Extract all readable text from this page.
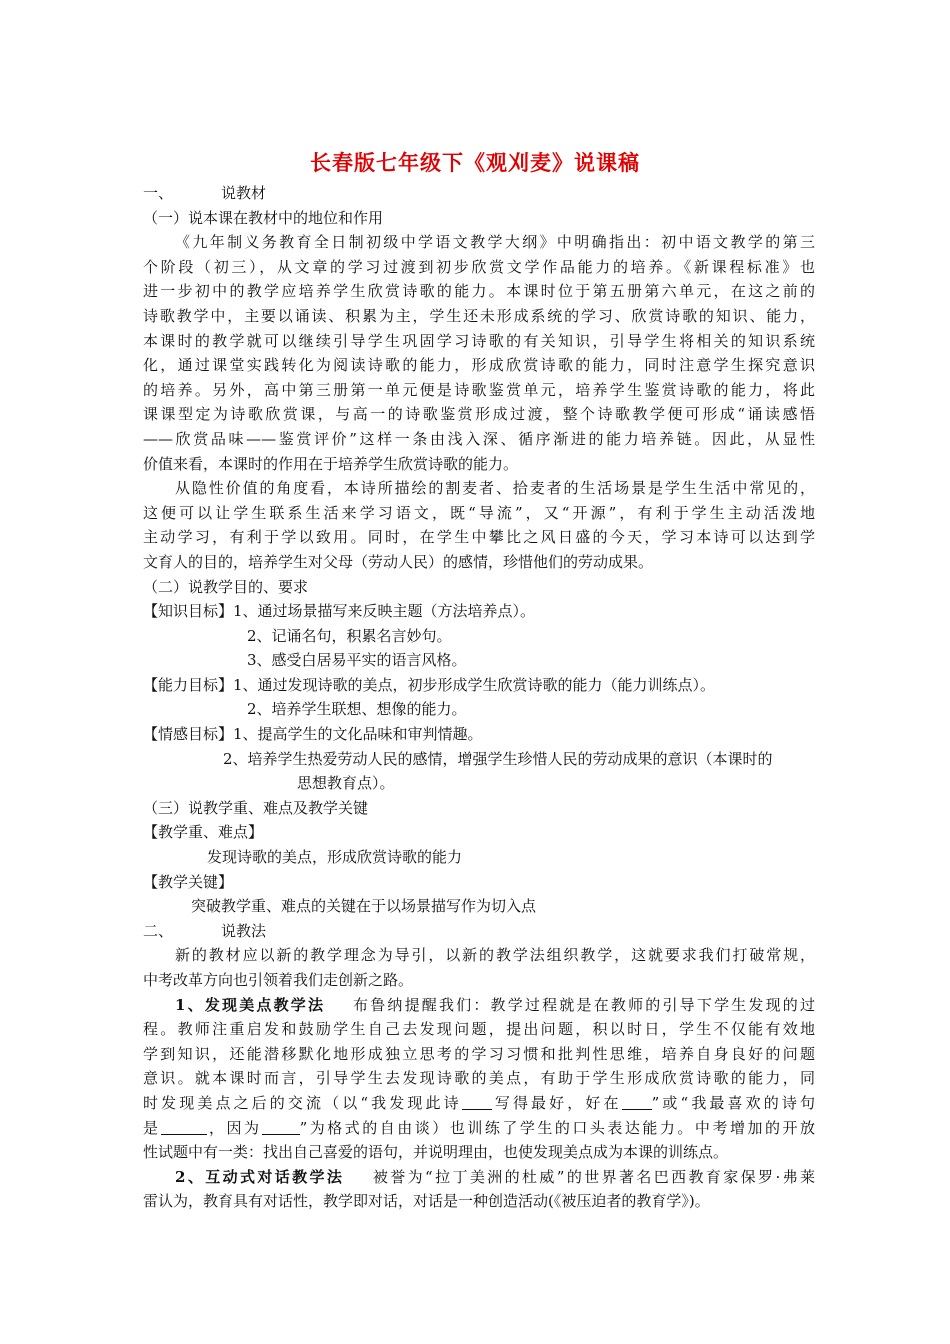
长春版七年级下《观刈麦》说课稿
一、	说教材
（一）说本课在教材中的地位和作用
《九年制义务教育全日制初级中学语文教学大纲》中明确指出：初中语文教学的第三
个阶段（初三），从文章的学习过渡到初步欣赏文学作品能力的培养。《新课程标准》也
进一步初中的教学应培养学生欣赏诗歌的能力。本课时位于第五册第六单元，在这之前的
诗歌教学中，主要以诵读、积累为主，学生还未形成系统的学习、欣赏诗歌的知识、能力，
本课时的教学就可以继续引导学生巩固学习诗歌的有关知识，引导学生将相关的知识系统
化，通过课堂实践转化为阅读诗歌的能力，形成欣赏诗歌的能力，同时注意学生探究意识
的培养。另外，高中第三册第一单元便是诗歌鉴赏单元，培养学生鉴赏诗歌的能力，将此
课课型定为诗歌欣赏课，与高一的诗歌鉴赏形成过渡，整个诗歌教学便可形成“诵读感悟
——欣赏品味——鉴赏评价”这样一条由浅入深、循序渐进的能力培养链。因此，从显性
价值来看，本课时的作用在于培养学生欣赏诗歌的能力。
从隐性价值的角度看，本诗所描绘的割麦者、拾麦者的生活场景是学生生活中常见的，
这便可以让学生联系生活来学习语文，既“导流”，又“开源”，有利于学生主动活泼地
主动学习，有利于学以致用。同时，在学生中攀比之风日盛的今天，学习本诗可以达到学
文育人的目的，培养学生对父母（劳动人民）的感情，珍惜他们的劳动成果。
（二）说教学目的、要求
【知识目标】1、通过场景描写来反映主题（方法培养点）。
2、记诵名句，积累名言妙句。
3、感受白居易平实的语言风格。
【能力目标】1、通过发现诗歌的美点，初步形成学生欣赏诗歌的能力（能力训练点）。
2、培养学生联想、想像的能力。
【情感目标】1、提高学生的文化品味和审判情趣。
2、培养学生热爱劳动人民的感情，增强学生珍惜人民的劳动成果的意识（本课时的
思想教育点）。
（三）说教学重、难点及教学关键
【教学重、难点】
发现诗歌的美点，形成欣赏诗歌的能力
【教学关键】
突破教学重、难点的关键在于以场景描写作为切入点
二、	说教法
新的教材应以新的教学理念为导引，以新的教学法组织教学，这就要求我们打破常规，
中考改革方向也引领着我们走创新之路。
1、发现美点教学法 布鲁纳提醒我们：教学过程就是在教师的引导下学生发现的过
程。教师注重启发和鼓励学生自己去发现问题，提出问题，积以时日，学生不仅能有效地
学到知识，还能潜移默化地形成独立思考的学习习惯和批判性思维，培养自身良好的问题
意识。就本课时而言，引导学生去发现诗歌的美点，有助于学生形成欣赏诗歌的能力，同
时发现美点之后的交流（以“我发现此诗 写得最好，好在 ”或“我最喜欢的诗句
是	，因为	”为格式的自由谈）也训练了学生的口头表达能力。中考增加的开放
性试题中有一类：找出自己喜爱的语句，并说明理由，也使发现美点成为本课的训练点。
2、互动式对话教学法 被誉为“拉丁美洲的杜威”的世界著名巴西教育家保罗·弗莱
雷认为，教育具有对话性，教学即对话，对话是一种创造活动(《被压迫者的教育学》)。
